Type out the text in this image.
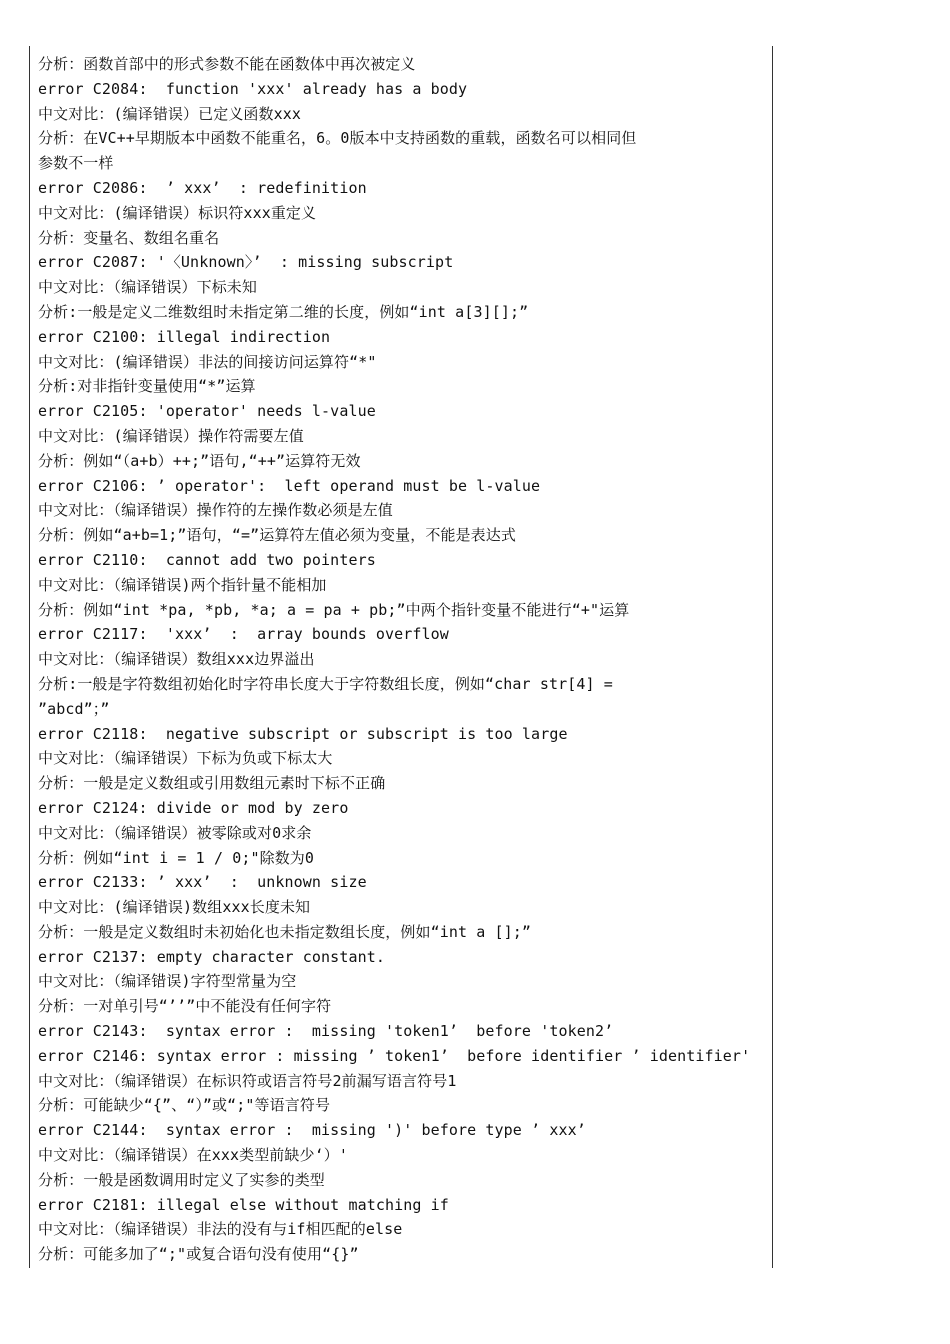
分析：函数首部中的形式参数不能在函数体中再次被定义
error C2084:  function 'xxx' already has a body
中文对比：(编译错误）已定义函数xxx
分析：在VC++早期版本中函数不能重名，6。0版本中支持函数的重载，函数名可以相同但
参数不一样
error C2086:  ’ xxx’  : redefinition
中文对比：(编译错误）标识符xxx重定义
分析：变量名、数组名重名
error C2087: '〈Unknown〉’  : missing subscript
中文对比：（编译错误）下标未知
分析:一般是定义二维数组时未指定第二维的长度，例如“int a[3][];”
error C2100: illegal indirection
中文对比：(编译错误）非法的间接访问运算符“*"
分析:对非指针变量使用“*”运算
error C2105: 'operator' needs l-value
中文对比：(编译错误）操作符需要左值
分析：例如“（a+b）++;”语句,“++”运算符无效
error C2106: ’ operator':  left operand must be l-value
中文对比：（编译错误）操作符的左操作数必须是左值
分析：例如“a+b=1;”语句，“=”运算符左值必须为变量，不能是表达式
error C2110:  cannot add two pointers
中文对比：（编译错误)两个指针量不能相加
分析：例如“int *pa, *pb, *a; a = pa + pb;”中两个指针变量不能进行“+"运算
error C2117:  'xxx’  :  array bounds overflow
中文对比：（编译错误）数组xxx边界溢出
分析:一般是字符数组初始化时字符串长度大于字符数组长度，例如“char str[4] =
”abcd”；”
error C2118:  negative subscript or subscript is too large
中文对比：（编译错误）下标为负或下标太大
分析：一般是定义数组或引用数组元素时下标不正确
error C2124: divide or mod by zero
中文对比：（编译错误）被零除或对0求余
分析：例如“int i = 1 / 0;"除数为0
error C2133: ’ xxx’  :  unknown size
中文对比：(编译错误)数组xxx长度未知
分析：一般是定义数组时未初始化也未指定数组长度，例如“int a [];”
error C2137: empty character constant.
中文对比：（编译错误)字符型常量为空
分析：一对单引号“’’”中不能没有任何字符
error C2143:  syntax error :  missing 'token1’  before 'token2’
error C2146: syntax error : missing ’ token1’  before identifier ’ identifier'
中文对比：（编译错误）在标识符或语言符号2前漏写语言符号1
分析：可能缺少“{”、“）”或“;"等语言符号
error C2144:  syntax error :  missing ')' before type ’ xxx’
中文对比：（编译错误）在xxx类型前缺少‘）'
分析：一般是函数调用时定义了实参的类型
error C2181: illegal else without matching if
中文对比：（编译错误）非法的没有与if相匹配的else
分析：可能多加了“;"或复合语句没有使用“{}”
